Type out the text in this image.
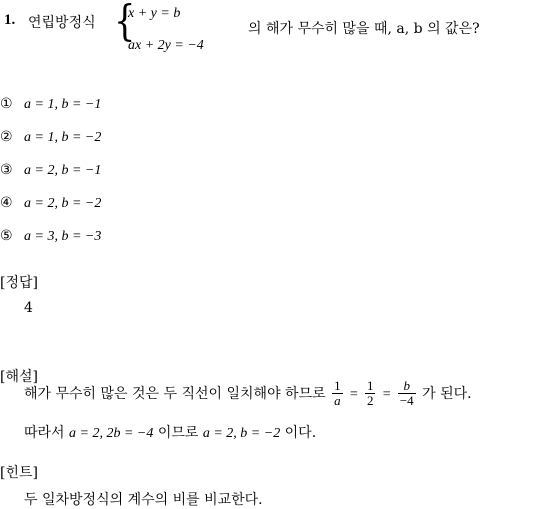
1. 연립방정식 {
x + y = b
ax + 2y = −4
의 해가 무수히 많을 때, a, b 의 값은?
① a = 1, b = −1
② a = 1, b = −2
③ a = 2, b = −1
④ a = 2, b = −2
⑤ a = 3, b = −3
[정답]
4
[해설]
해가 무수히 많은 것은 두 직선이 일치해야 하므로 $\frac{1}{a} = \frac{1}{2} = \frac{b}{-4}$ 가 된다.
따라서 a = 2, 2b = −4 이므로 a = 2, b = −2 이다.
[힌트]
두 일차방정식의 계수의 비를 비교한다.
